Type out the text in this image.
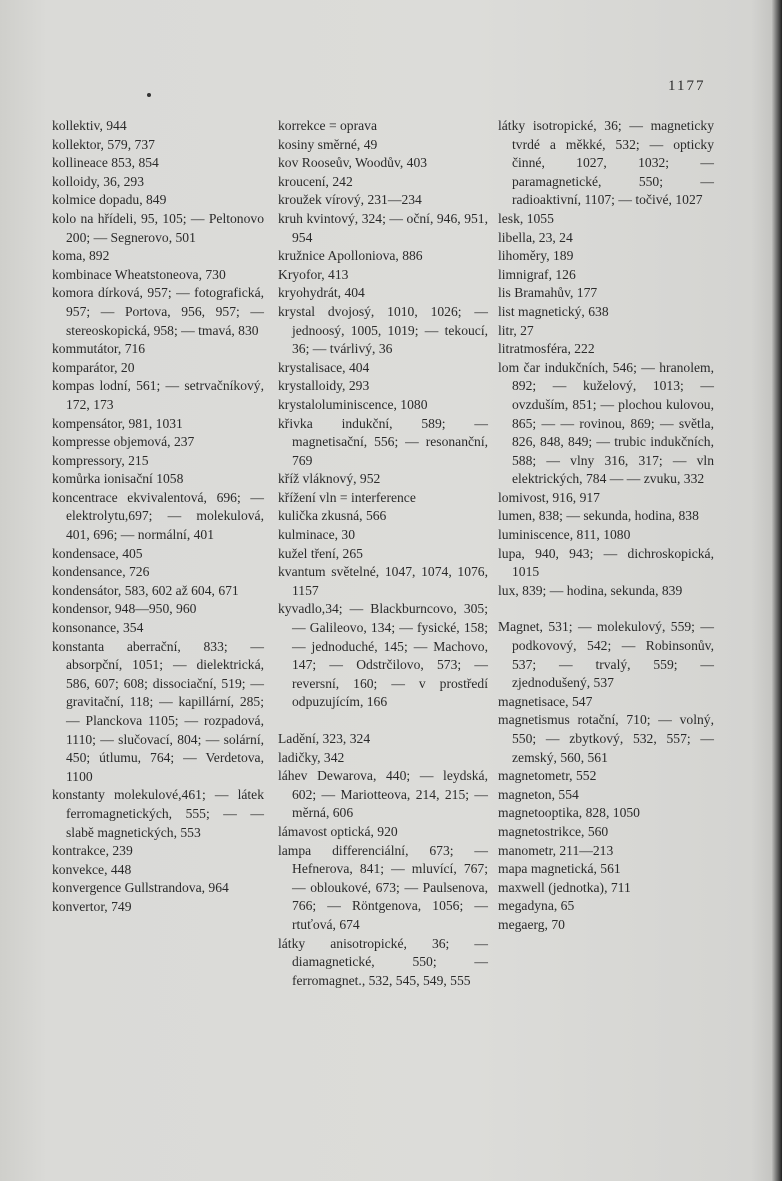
1177
kollektiv, 944
kollektor, 579, 737
kollineace 853, 854
kolloidy, 36, 293
kolmice dopadu, 849
kolo na hřídeli, 95, 105; — Peltonovo 200; — Segnerovo, 501
koma, 892
kombinace Wheatstoneova, 730
komora dírková, 957; — fotografická, 957; — Portova, 956, 957; — stereoskopická, 958; — tmavá, 830
kommutátor, 716
komparátor, 20
kompas lodní, 561; — setrvačníkový, 172, 173
kompensátor, 981, 1031
kompresse objemová, 237
kompressory, 215
komůrka ionisační 1058
koncentrace ekvivalentová, 696; — elektrolytu,697; — molekulová, 401, 696; — normální, 401
kondensace, 405
kondensance, 726
kondensátor, 583, 602 až 604, 671
kondensor, 948—950, 960
konsonance, 354
konstanta aberrační, 833; — absorpční, 1051; — dielektrická, 586, 607; 608; dissociační, 519; — gravitační, 118; — kapillární, 285; — Planckova 1105; — rozpadová, 1110; — slučovací, 804; — solární, 450; útlumu, 764; — Verdetova, 1100
konstanty molekulové,461; — látek ferromagnetických, 555; — — slabě magnetických, 553
kontrakce, 239
konvekce, 448
konvergence Gullstrandova, 964
konvertor, 749
korrekce = oprava
kosiny směrné, 49
kov Rooseův, Woodův, 403
kroucení, 242
kroužek vírový, 231—234
kruh kvintový, 324; — oční, 946, 951, 954
kružnice Apolloniova, 886
Kryofor, 413
kryohydrát, 404
krystal dvojosý, 1010, 1026; — jednoosý, 1005, 1019; — tekoucí, 36; — tvárlivý, 36
krystalisace, 404
krystalloidy, 293
krystaloluminiscence, 1080
křivka indukční, 589; — magnetisační, 556; — resonanční, 769
kříž vláknový, 952
křížení vln = interference
kulička zkusná, 566
kulminace, 30
kužel tření, 265
kvantum světelné, 1047, 1074, 1076, 1157
kyvadlo,34; — Blackburncovo, 305; — Galileovo, 134; — fysické, 158; — jednoduché, 145; — Machovo, 147; — Odstrčilovo, 573; — reversní, 160; — v prostředí odpuzujícím, 166
Ladění, 323, 324
ladičky, 342
láhev Dewarova, 440; — leydská, 602; — Mariotteova, 214, 215; — měrná, 606
lámavost optická, 920
lampa differenciální, 673; — Hefnerova, 841; — mluvící, 767; — obloukové, 673; — Paulsenova, 766; — Röntgenova, 1056; — rtuťová, 674
látky anisotropické, 36; — diamagnetické, 550; — ferromagnet., 532, 545, 549, 555
látky isotropické, 36; — magneticky tvrdé a měkké, 532; — opticky činné, 1027, 1032; — paramagnetické, 550; — radioaktivní, 1107; — točivé, 1027
lesk, 1055
libella, 23, 24
lihoměry, 189
limnigraf, 126
lis Bramahův, 177
list magnetický, 638
litr, 27
litratmosféra, 222
lom čar indukčních, 546; — hranolem, 892; — kuželový, 1013; — ovzduším, 851; — plochou kulovou, 865; — — rovinou, 869; — světla, 826, 848, 849; — trubic indukčních, 588; — vlny 316, 317; — vln elektrických, 784 — — zvuku, 332
lomivost, 916, 917
lumen, 838; — sekunda, hodina, 838
luminiscence, 811, 1080
lupa, 940, 943; — dichroskopická, 1015
lux, 839; — hodina, sekunda, 839
Magnet, 531; — molekulový, 559; — podkovový, 542; — Robinsonův, 537; — trvalý, 559; — zjednodušený, 537
magnetisace, 547
magnetismus rotační, 710; — volný, 550; — zbytkový, 532, 557; — zemský, 560, 561
magnetometr, 552
magneton, 554
magnetooptika, 828, 1050
magnetostrikce, 560
manometr, 211—213
mapa magnetická, 561
maxwell (jednotka), 711
megadyna, 65
megaerg, 70
